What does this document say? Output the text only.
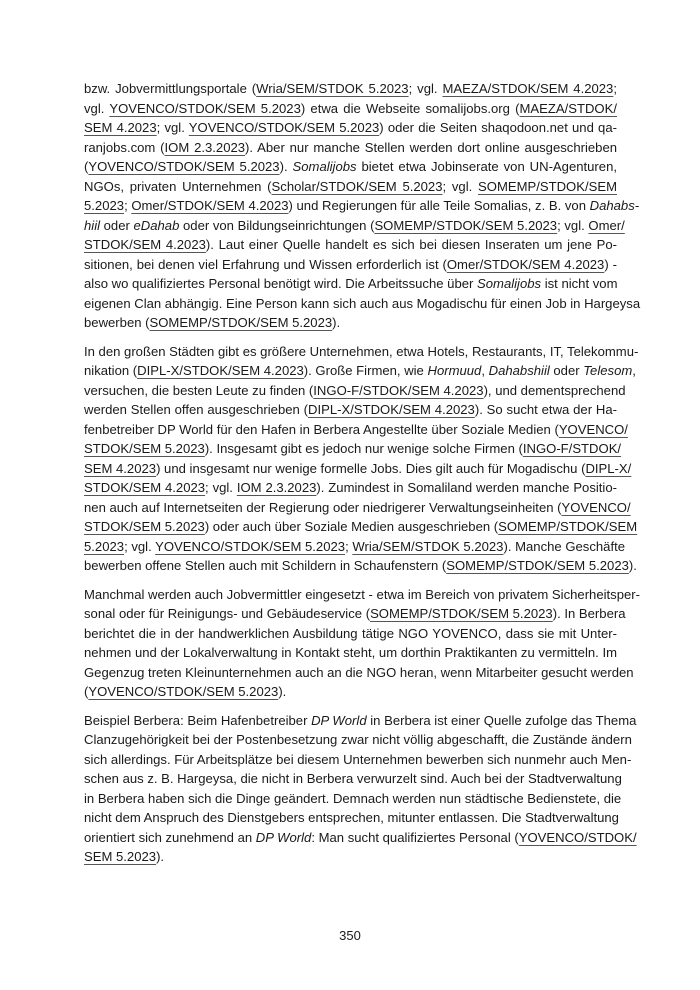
bzw. Jobvermittlungsportale (Wria/SEM/STDOK 5.2023; vgl. MAEZA/STDOK/SEM 4.2023;
vgl. YOVENCO/STDOK/SEM 5.2023) etwa die Webseite somalijobs.org (MAEZA/STDOK/
SEM 4.2023; vgl. YOVENCO/STDOK/SEM 5.2023) oder die Seiten shaqodoon.net und qa-
ranjobs.com (IOM 2.3.2023). Aber nur manche Stellen werden dort online ausgeschrieben
(YOVENCO/STDOK/SEM 5.2023). Somalijobs bietet etwa Jobinserate von UN-Agenturen,
NGOs, privaten Unternehmen (Scholar/STDOK/SEM 5.2023; vgl. SOMEMP/STDOK/SEM
5.2023; Omer/STDOK/SEM 4.2023) und Regierungen für alle Teile Somalias, z. B. von Dahabs-
hiil oder eDahab oder von Bildungseinrichtungen (SOMEMP/STDOK/SEM 5.2023; vgl. Omer/
STDOK/SEM 4.2023). Laut einer Quelle handelt es sich bei diesen Inseraten um jene Po-
sitionen, bei denen viel Erfahrung und Wissen erforderlich ist (Omer/STDOK/SEM 4.2023) -
also wo qualifiziertes Personal benötigt wird. Die Arbeitssuche über Somalijobs ist nicht vom
eigenen Clan abhängig. Eine Person kann sich auch aus Mogadischu für einen Job in Hargeysa
bewerben (SOMEMP/STDOK/SEM 5.2023).
In den großen Städten gibt es größere Unternehmen, etwa Hotels, Restaurants, IT, Telekommu-
nikation (DIPL-X/STDOK/SEM 4.2023). Große Firmen, wie Hormuud, Dahabshiil oder Telesom,
versuchen, die besten Leute zu finden (INGO-F/STDOK/SEM 4.2023), und dementsprechend
werden Stellen offen ausgeschrieben (DIPL-X/STDOK/SEM 4.2023). So sucht etwa der Ha-
fenbetreiber DP World für den Hafen in Berbera Angestellte über Soziale Medien (YOVENCO/
STDOK/SEM 5.2023). Insgesamt gibt es jedoch nur wenige solche Firmen (INGO-F/STDOK/
SEM 4.2023) und insgesamt nur wenige formelle Jobs. Dies gilt auch für Mogadischu (DIPL-X/
STDOK/SEM 4.2023; vgl. IOM 2.3.2023). Zumindest in Somaliland werden manche Positio-
nen auch auf Internetseiten der Regierung oder niedrigerer Verwaltungseinheiten (YOVENCO/
STDOK/SEM 5.2023) oder auch über Soziale Medien ausgeschrieben (SOMEMP/STDOK/SEM
5.2023; vgl. YOVENCO/STDOK/SEM 5.2023; Wria/SEM/STDOK 5.2023). Manche Geschäfte
bewerben offene Stellen auch mit Schildern in Schaufenstern (SOMEMP/STDOK/SEM 5.2023).
Manchmal werden auch Jobvermittler eingesetzt - etwa im Bereich von privatem Sicherheitsper-
sonal oder für Reinigungs- und Gebäudeservice (SOMEMP/STDOK/SEM 5.2023). In Berbera
berichtet die in der handwerklichen Ausbildung tätige NGO YOVENCO, dass sie mit Unter-
nehmen und der Lokalverwaltung in Kontakt steht, um dorthin Praktikanten zu vermitteln. Im
Gegenzug treten Kleinunternehmen auch an die NGO heran, wenn Mitarbeiter gesucht werden
(YOVENCO/STDOK/SEM 5.2023).
Beispiel Berbera: Beim Hafenbetreiber DP World in Berbera ist einer Quelle zufolge das Thema
Clanzugehörigkeit bei der Postenbesetzung zwar nicht völlig abgeschafft, die Zustände ändern
sich allerdings. Für Arbeitsplätze bei diesem Unternehmen bewerben sich nunmehr auch Men-
schen aus z. B. Hargeysa, die nicht in Berbera verwurzelt sind. Auch bei der Stadtverwaltung
in Berbera haben sich die Dinge geändert. Demnach werden nun städtische Bedienstete, die
nicht dem Anspruch des Dienstgebers entsprechen, mitunter entlassen. Die Stadtverwaltung
orientiert sich zunehmend an DP World: Man sucht qualifiziertes Personal (YOVENCO/STDOK/
SEM 5.2023).
350
